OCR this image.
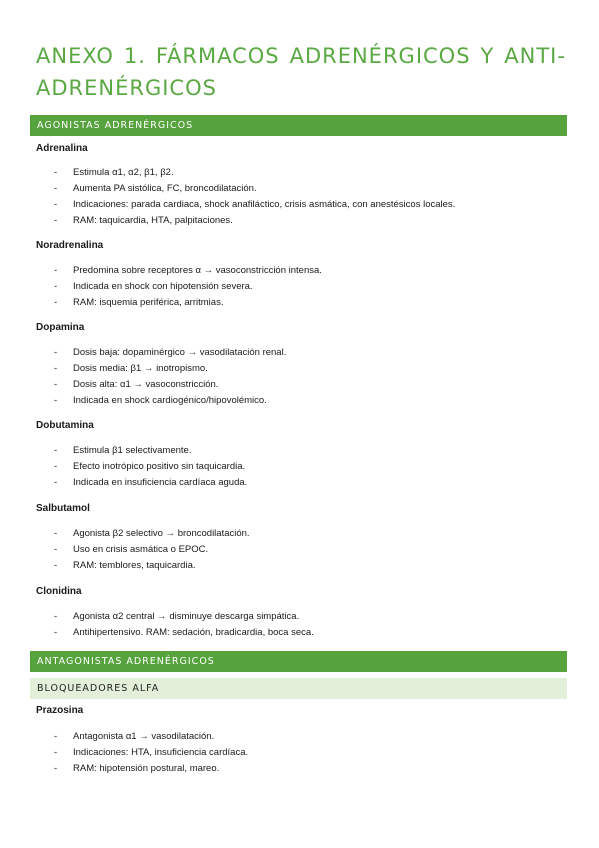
ANEXO 1. FÁRMACOS ADRENÉRGICOS Y ANTI-
ADRENÉRGICOS
AGONISTAS ADRENÉRGICOS
Adrenalina
- Estimula α1, α2, β1, β2.
- Aumenta PA sistólica, FC, broncodilatación.
- Indicaciones: parada cardiaca, shock anafiláctico, crisis asmática, con anestésicos locales.
- RAM: taquicardia, HTA, palpitaciones.
Noradrenalina
- Predomina sobre receptores α → vasoconstricción intensa.
- Indicada en shock con hipotensión severa.
- RAM: isquemia periférica, arritmias.
Dopamina
- Dosis baja: dopaminérgico → vasodilatación renal.
- Dosis media: β1 → inotropismo.
- Dosis alta: α1 → vasoconstricción.
- Indicada en shock cardiogénico/hipovolémico.
Dobutamina
- Estimula β1 selectivamente.
- Efecto inotrópico positivo sin taquicardia.
- Indicada en insuficiencia cardíaca aguda.
Salbutamol
- Agonista β2 selectivo → broncodilatación.
- Uso en crisis asmática o EPOC.
- RAM: temblores, taquicardia.
Clonidina
- Agonista α2 central → disminuye descarga simpática.
- Antihipertensivo. RAM: sedación, bradicardia, boca seca.
ANTAGONISTAS ADRENÉRGICOS
BLOQUEADORES ALFA
Prazosina
- Antagonista α1 → vasodilatación.
- Indicaciones: HTA, insuficiencia cardíaca.
- RAM: hipotensión postural, mareo.
